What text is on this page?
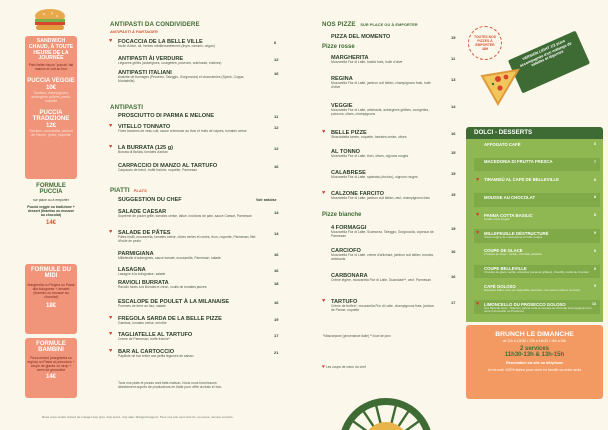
SANDWICH CHAUD, À TOUTE HEURE DE LA JOURNÉE
Pain italien façon "puccia" fait maison et cuit au four
PUCCIA VEGGIE 10€
Tomates, champignons, aubergines grillées, pesto, roquette
PUCCIA TRADIZIONE 12€
Tomates, mozzarella, jambon de Parme, pesto, roquette
FORMULE PUCCIA
sur place ou à emporter
Puccia veggie ou tradizione + dessert (tiramisu ou mousse au chocolat)
14€
FORMULE DU MIDI
Margherita ou Regina ou Pasta alla bolognese + dessert (tiramisu ou mousse au chocolat)
18€
FORMULE BAMBINI
Pizza enfant (margherita ou regina) ou Pasta al pomodoro + coupe de glaces ou sirop + verre de grenadine
14€
ANTIPASTI DA CONDIVIDERE
ANTIPASTI À PARTAGER
♥ FOCACCIA DE LA BELLE VILLE
Nude d'olive, ail, herbes méditerranéennes (thym, romarin, origan)
6
ANTIPASTI ÀI VERDURE
Légumes grillés (aubergines, courgettes, poivrons, artichauts, endives)
12
ANTIPASTI ITALIANI
Assiette de fromages (Pecorino, Taleggio, Gorgonzola) et charcuteries (Speck, Coppa, Mortadella)
16
PROSCIUTTO DI PARMA E MELONE	11
♥ VITELLO TONNATO
Fines tranches de veau cuit, sauce crémeuse au thon et fruits de câpres, tomates cerise
12
♥ LA BURRATA (125 g)
Burrata di Bufala, tomates d'antan
12
CARPACCIO DI MANZO AL TARTUFO
Carpaccio de bœuf, truffe fraîche, roquette, Parmesan
16
SUGGESTION DU CHEF
SALADE CAESAR
Suprême de poulet grillé, tomates cerise, laitue, croûtons de pain, sauce Caesar, Parmesan
14
♥ SALADE DE PÂTES
Pâtes fusilli, mozzarella, tomates cerise, olives vertes et noires, thon, roquette, Parmesan, filet d'huile de pesto
14
PARMIGIANA
Millefeuille d'aubergines, sauce tomate, mozzarella, Parmesan, salade
16
LASAGNA
Lasagne à la bolognaise, salade
16
RAVIOLI BURRATA
Raviolo farcis à la Burrata et citron, coulis de tomates jaunes
18
ESCALOPE DE POULET À LA MILANAISE
Pommes de terre au four, salade
16
♥ FREGOLA SARDA DE LA BELLE PIZZE
Gambas, tomates cerise, menthe
19
♥ TAGLIATELLE AL TARTUFO
Crème de Parmesan, truffe fraîche*
17
♥ BAR AL CARTOCCIO
Papillote de bar entier aux petits légumes de saison
21
ANTIPASTI
PIATTI PLATS
Voir ardoise
Tous nos plats et pizzas sont faits maison. Nous nous fournissons directement auprès de producteurs en Italie pour offrir du frais et bon.
NOS PIZZE SUR PLACE OU À EMPORTER
Pizze rosse
Pizze bianche
*Mascarpone (provenance Italie) **Joue de porc
♥ Les coups de cœur du chef
TOUTES NOS PIZZES À EMPORTER 48H	VERSION LIGHT 1/2 pizza accompagnée d'un mélange de salades et légumes
DOLCI - DESSERTS
AFFOGATO CAFÉ	6
MACEDONIA DI FRUTTA FRESCA	7
♥ TIRAMISÙ AL CAFÉ DE BELLEVILLE	8
MOUSSE AU CHOCOLAT	8
♥ PANNA COTTA BASILIC
Coulis, fruits rouges
8
♥ MILLEFEUILLE DÉSTRUCTURÉ
Crème légère de mascarpone et fruits rouges
9
COUPE DE GLACE
2 boules au choix : vanille, chocolat, pistache
6
COUPE BELLEVILLE
3 boules de glace vanille, amandes (caramel grillées), chantilly, coulis de chocolat
9
CAFÉ GOLOSO
Expresso italien avec sa mignardise (tiramisu, mini panna cotta et mousse)
9
♥ LIMONCELLO DU PROSECCO GOLOSO
Nos Moscati doux - Tiramisu, panna cotta et mousse au chocolat accompagnés d'un verre (Limoncello ou Prosecco)
13
BRUNCH LE DIMANCHE
de 11h à 12h30 • 13h à 14h30 • 15h à 16h
2 services
11h30-13h & 13h-15h
Réservation via site ou téléphone
Un brunch 100% italien pour venir en famille ou entre amis
Nous vous sentiti. Avisez de manger trop gros, trop sucré, trop salé. Mangerbouger.fr. Tous nos prix sont nets ttc, en euros, service compris.
PIZZA DEL MOMENTO	15
MARGHERITA
Mozzarella Fior di Latte, basilic frais, huile d'olive
11
REGINA
Mozzarella Fior di Latte, jambon cuit italien, champignons frais, huile d'olive
13
VEGGIE
Mozzarella Fior di Latte, artichauts, aubergines grillées, courgettes, poivrons, olives, champignons
14
♥ BELLE PIZZE
Stracciatella fumée, roquette, tomates cerise, olives
16
AL TONNO
Mozzarella Fior di Latte, thon, olives, oignons rouges
15
CALABRESE
Mozzarella Fior di Latte, spianata (chorizo), oignons rouges
15
♥ CALZONE FARCITO
Mozzarella Fior di Latte, jambon cuit italien, œuf, champignons frais
15
4 FORMAGGI
Mozzarella Fior di Latte, Scamorza, Taleggio, Gorgonzola, copeaux de Parmesan
15
CARCIOFO
Mozzarella Fior di Latte, crème d'artichaut, jambon cuit italien, burrata, artichauts
16
CARBONARA
Crème légère, mozzarella Fior di Latte, Guanciale**, œuf, Parmesan
16
♥ TARTUFO
Crème de truffes*, mozzarella Fior di Latte, champignons frais, jambon de Parme, roquette
17
